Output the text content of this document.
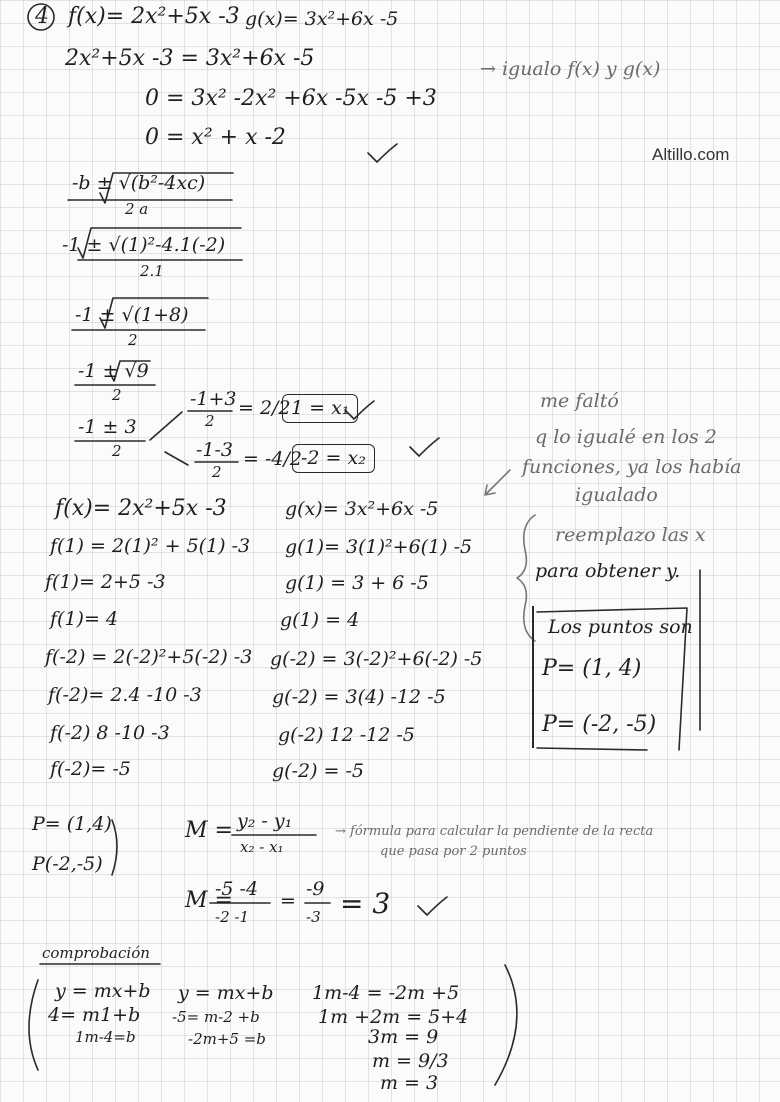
4 f(x)= 2x²+5x -3 g(x)= 3x²+6x -5
Altillo.com
2x²+5x -3 = 3x²+6x -5	→ igualo f(x) y g(x)
0 = 3x² -2x² +6x -5x -5 +3
0 = x² + x -2
-b ± √(b²-4xc)
2 a
-1 ± √(1)²-4.1(-2)
2.1
-1 ± √(1+8)
2
-1 ± √9
2
-1 ± 3
2
-1+3
2
= 2/2 1 = x₁
-1-3
2
= -4/2 -2 = x₂
me faltó
q lo igualé en los 2
funciones, ya los había
igualado
reemplazo las x
para obtener y.
Los puntos son
P= (1, 4)
P= (-2, -5)
f(x)= 2x²+5x -3
f(1) = 2(1)² + 5(1) -3
f(1)= 2+5 -3
f(1)= 4
f(-2) = 2(-2)²+5(-2) -3
f(-2)= 2.4 -10 -3
f(-2) 8 -10 -3
f(-2)= -5
g(x)= 3x²+6x -5
g(1)= 3(1)²+6(1) -5
g(1) = 3 + 6 -5
g(1) = 4
g(-2) = 3(-2)²+6(-2) -5
g(-2) = 3(4) -12 -5
g(-2) 12 -12 -5
g(-2) = -5
P= (1,4)
P(-2,-5)
M = y₂ - y₁
x₂ - x₁
→ fórmula para calcular la pendiente de la recta
que pasa por 2 puntos
M =
-5 -4
-2 -1
=
-9
-3 = 3
comprobación
y = mx+b
4= m1+b
1m-4=b
y = mx+b
-5= m-2 +b
-2m+5 =b
1m-4 = -2m +5
1m +2m = 5+4
3m = 9
m = 9/3
m = 3
